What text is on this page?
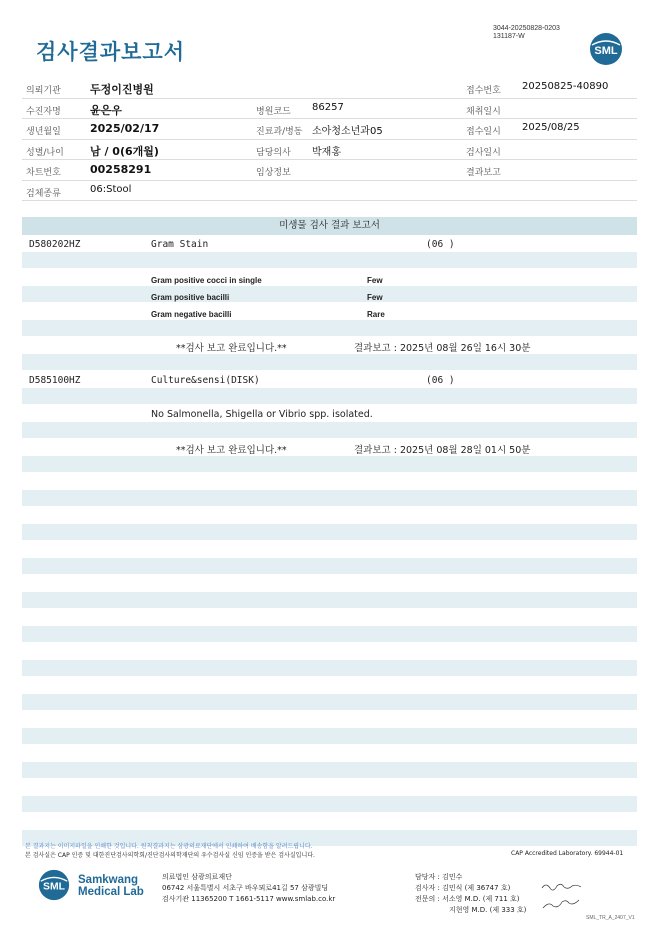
3044-20250828-0203
131187-W
검사결과보고서	SML
의뢰기관	두정이진병원	접수번호 20250825-40890
수진자명	윤은우	병원코드 86257	채취일시
생년월일	2025/02/17	진료과/병동 소아청소년과05	접수일시 2025/08/25
성별/나이 남 / 0(6개월)	담당의사 박재홍	검사일시
차트번호	00258291	임상정보	결과보고
검체종류	06:Stool
미생물 검사 결과 보고서
D580202HZ	Gram Stain	(06 )
Gram positive cocci in single	Few
Gram positive bacilli	Few
Gram negative bacilli	Rare
**검사 보고 완료입니다.**	결과보고 : 2025년 08월 26일 16시 30분
D585100HZ	Culture&sensi(DISK)	(06 )
No Salmonella, Shigella or Vibrio spp. isolated.
**검사 보고 완료입니다.**	결과보고 : 2025년 08월 28일 01시 50분
본 결과지는 이미지파일을 인쇄한 것입니다. 원칙결과지는 삼광의료재단에서 인쇄하여 배송함을 알려드립니다.
본 검사실은 CAP 인증 및 대한진단검사의학회/진단검사의학재단의 우수검사실 신임 인증을 받은 검사실입니다.	CAP Accredited Laboratory. 69944-01
SML
Samkwang
Medical Lab
의료법인 삼광의료재단
06742 서울특별시 서초구 바우뫼로41길 57 삼광빌딩
검사기관 11365200 T 1661-5117 www.smlab.co.kr
담당자 : 김민수
검사자 : 김민식 (제 36747 호)
전문의 : 서소영 M.D. (제 711 호)
지현영 M.D. (제 333 호)
SML_TR_A_2407_V1
